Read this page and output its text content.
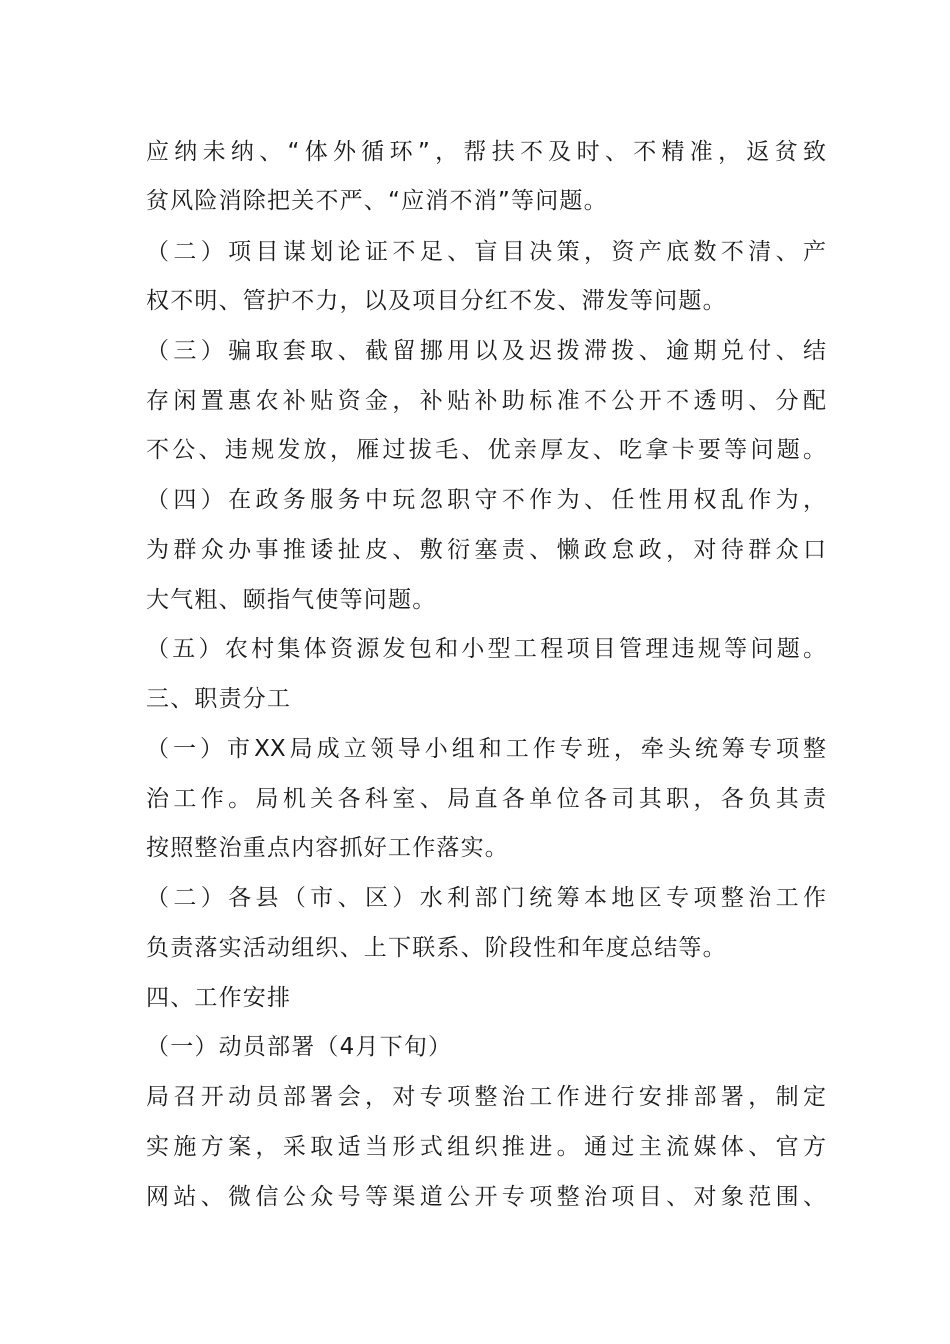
应纳未纳、“体外循环”，帮扶不及时、不精准，返贫致
贫风险消除把关不严、“应消不消”等问题。
（二）项目谋划论证不足、盲目决策，资产底数不清、产
权不明、管护不力，以及项目分红不发、滞发等问题。
（三）骗取套取、截留挪用以及迟拨滞拨、逾期兑付、结
存闲置惠农补贴资金，补贴补助标准不公开不透明、分配
不公、违规发放，雁过拔毛、优亲厚友、吃拿卡要等问题。
（四）在政务服务中玩忽职守不作为、任性用权乱作为，
为群众办事推诿扯皮、敷衍塞责、懒政怠政，对待群众口
大气粗、颐指气使等问题。
（五）农村集体资源发包和小型工程项目管理违规等问题。
三、职责分工
（一）市XX局成立领导小组和工作专班，牵头统筹专项整
治工作。局机关各科室、局直各单位各司其职，各负其责
按照整治重点内容抓好工作落实。
（二）各县（市、区）水利部门统筹本地区专项整治工作
负责落实活动组织、上下联系、阶段性和年度总结等。
四、工作安排
（一）动员部署（4月下旬）
局召开动员部署会，对专项整治工作进行安排部署，制定
实施方案，采取适当形式组织推进。通过主流媒体、官方
网站、微信公众号等渠道公开专项整治项目、对象范围、
